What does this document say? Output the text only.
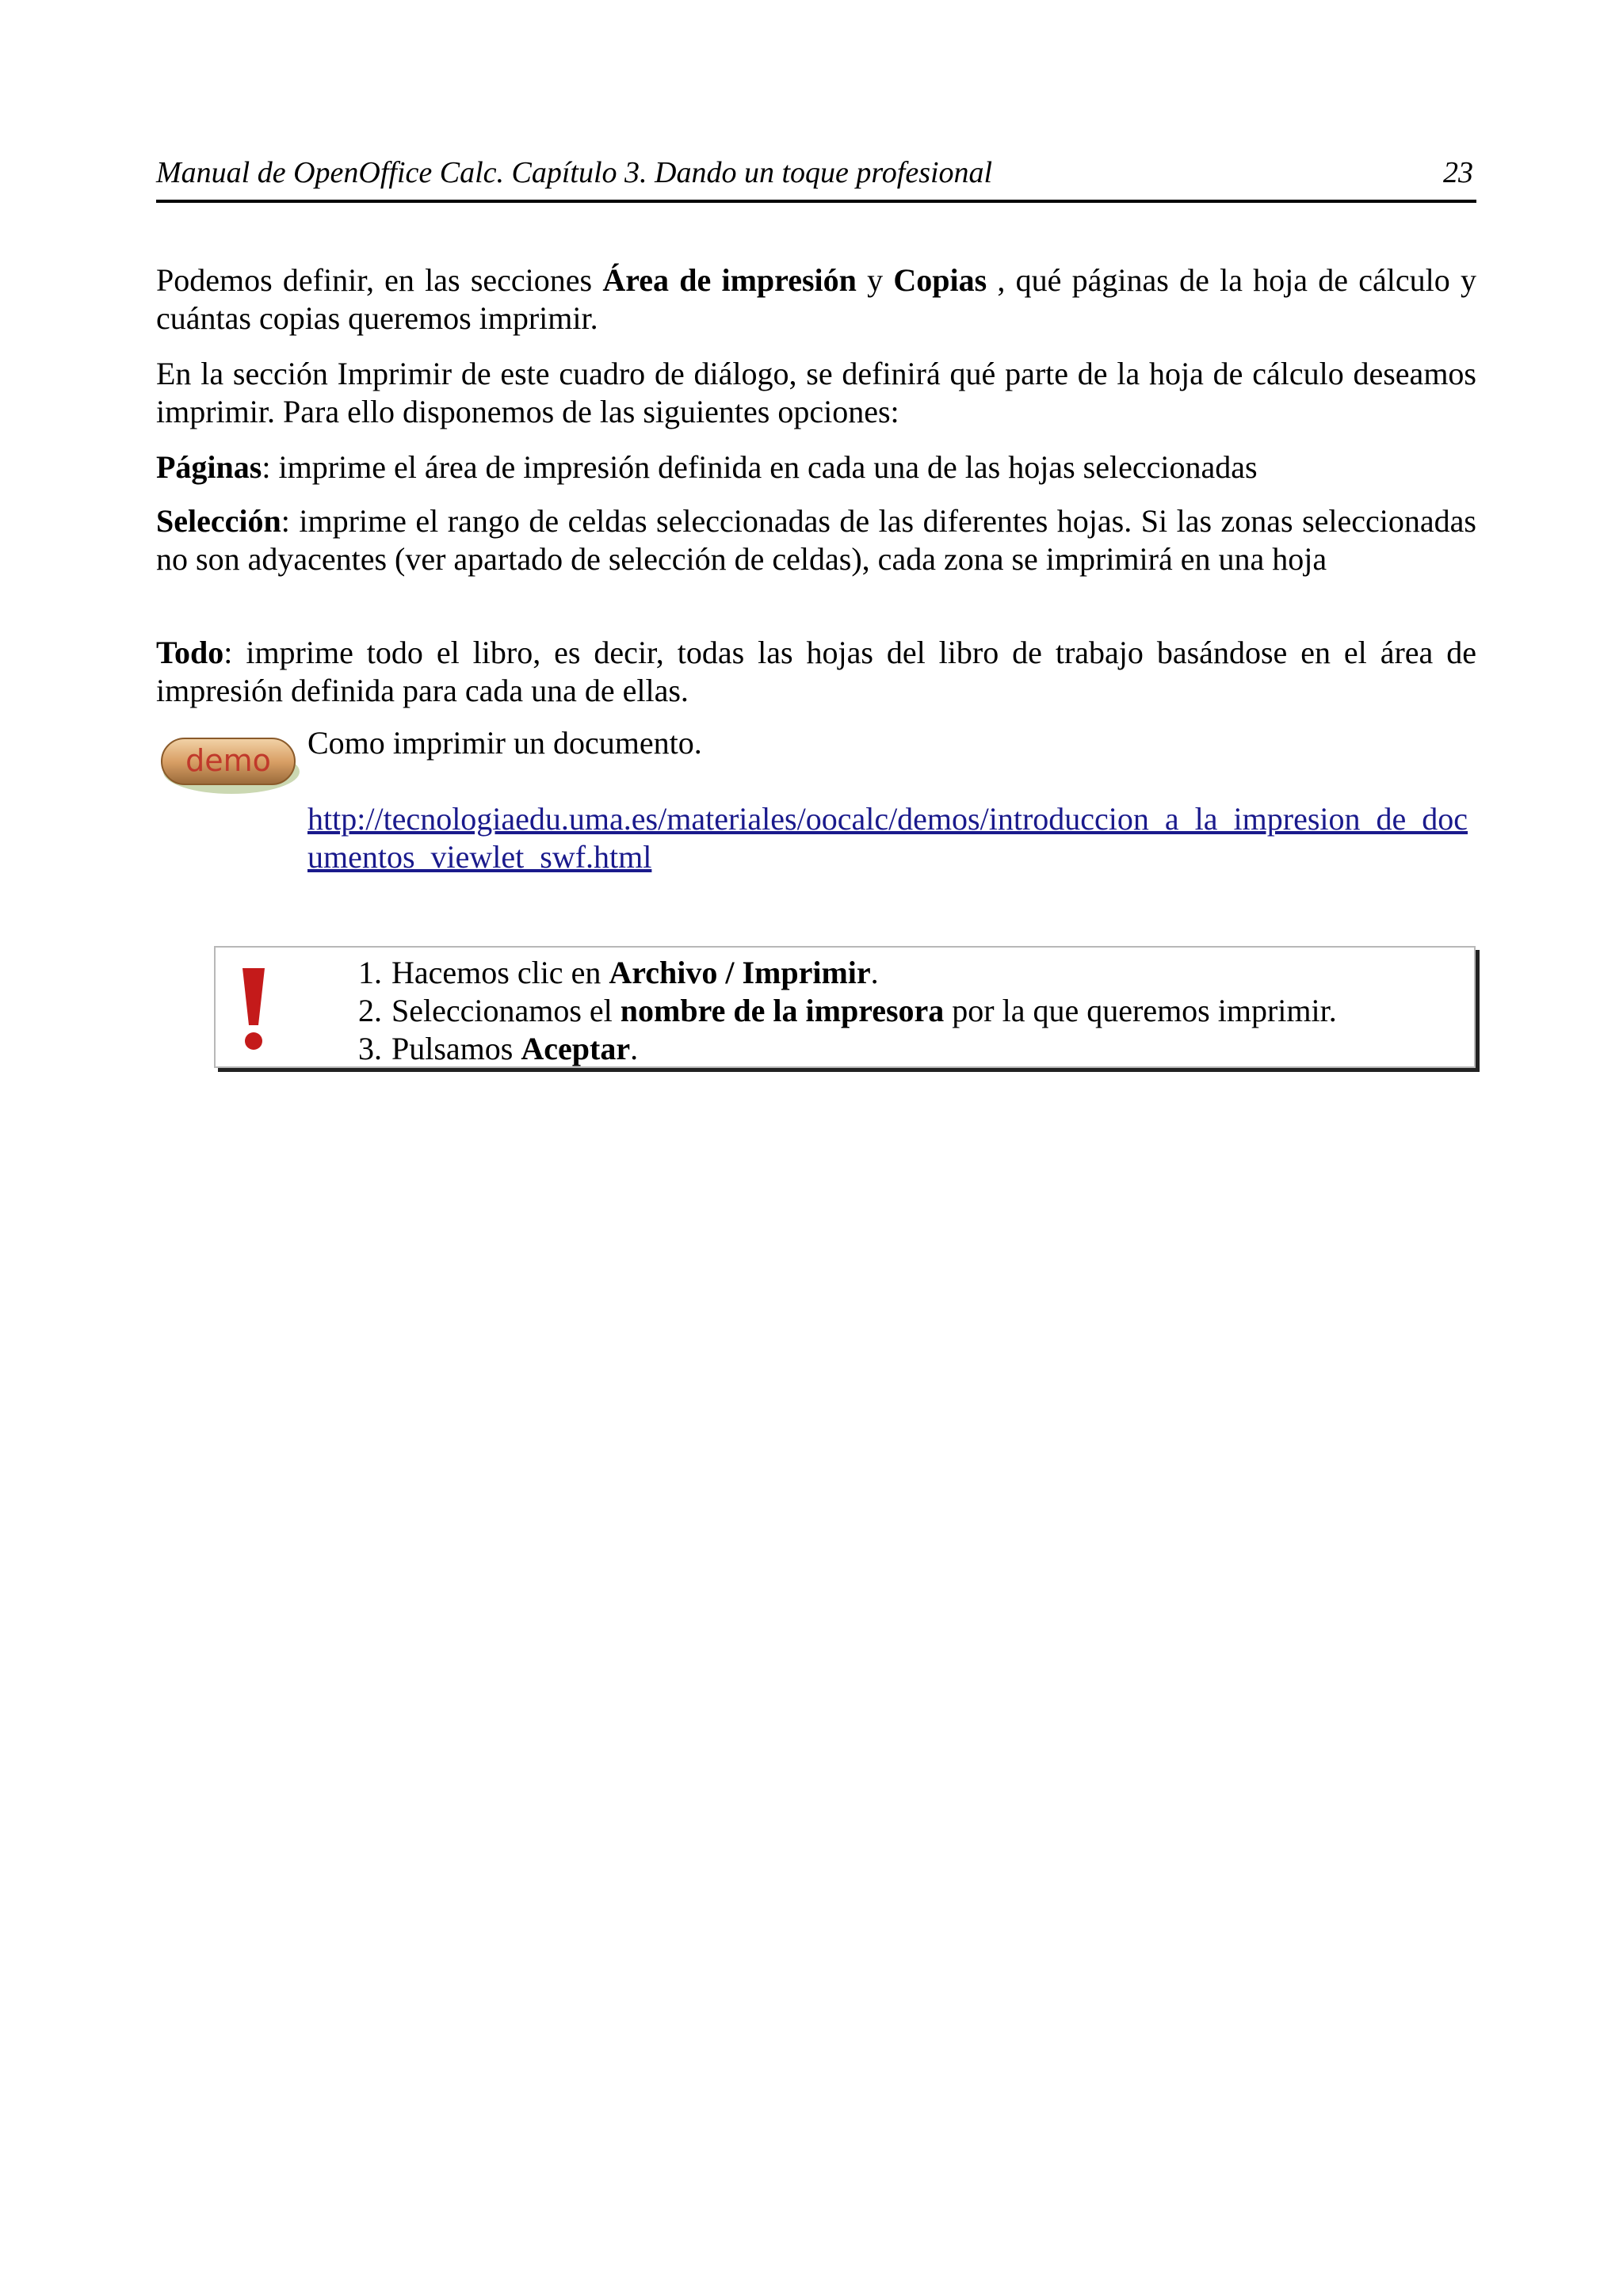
Manual de OpenOffice Calc. Capítulo 3. Dando un toque profesional	23

Podemos definir, en las secciones Área de impresión y Copias , qué páginas de la hoja de cálculo y cuántas copias queremos imprimir.

En la sección Imprimir de este cuadro de diálogo, se definirá qué parte de la hoja de cálculo deseamos imprimir. Para ello disponemos de las siguientes opciones:

Páginas: imprime el área de impresión definida en cada una de las hojas seleccionadas

Selección: imprime el rango de celdas seleccionadas de las diferentes hojas. Si las zonas seleccionadas no son adyacentes (ver apartado de selección de celdas), cada zona se imprimirá en una hoja

Todo: imprime todo el libro, es decir, todas las hojas del libro de trabajo basándose en el área de impresión definida para cada una de ellas.

demo Como imprimir un documento.
http://tecnologiaedu.uma.es/materiales/oocalc/demos/introduccion_a_la_impresion_de_documentos_viewlet_swf.html
1. Hacemos clic en Archivo / Imprimir.
2. Seleccionamos el nombre de la impresora por la que queremos imprimir.
3. Pulsamos Aceptar.
